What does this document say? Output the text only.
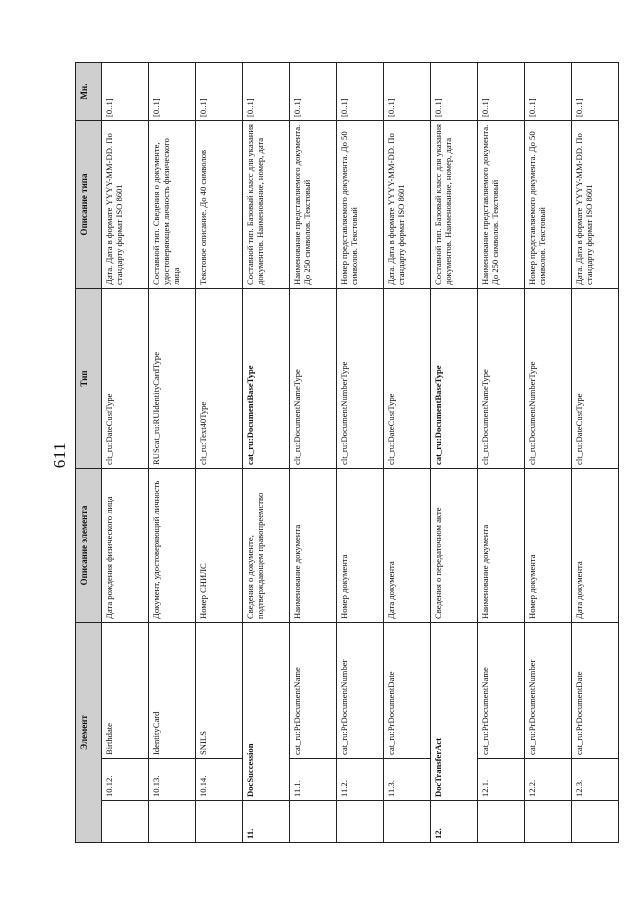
611
Элемент			Описание элемента	Тип	Описание типа	Мн.
	10.12.	Birthdate	Дата рождения физического лица	clt_ru:DateCustType	Дата. Дата в формате YYYY-MM-DD. По стандарту формат ISO 8601	[0..1]
	10.13.	IdentityCard	Документ, удостоверяющий личность	RUScat_ru:RUIdentityCardType	Составной тип. Сведения о документе, удостоверяющем личность физического лица	[0..1]
	10.14.	SNILS	Номер СНИЛС	clt_ru:Text40Type	Текстовое описание. До 40 символов	[0..1]
11.	DocSuccession		Сведения о документе, подтверждающем правопреемство	cat_ru:DocumentBaseType	Составной тип. Базовый класс для указания документов. Наименование, номер, дата	[0..1]
	11.1.	cat_ru:PrDocumentName	Наименование документа	clt_ru:DocumentNameType	Наименование представляемого документа. До 250 символов. Текстовый	[0..1]
	11.2.	cat_ru:PrDocumentNumber	Номер документа	clt_ru:DocumentNumberType	Номер представляемого документа. До 50 символов. Текстовый	[0..1]
	11.3.	cat_ru:PrDocumentDate	Дата документа	clt_ru:DateCustType	Дата. Дата в формате YYYY-MM-DD. По стандарту формат ISO 8601	[0..1]
12.	DocTransferAct		Сведения о передаточном акте	cat_ru:DocumentBaseType	Составной тип. Базовый класс для указания документов. Наименование, номер, дата	[0..1]
	12.1.	cat_ru:PrDocumentName	Наименование документа	clt_ru:DocumentNameType	Наименование представляемого документа. До 250 символов. Текстовый	[0..1]
	12.2.	cat_ru:PrDocumentNumber	Номер документа	clt_ru:DocumentNumberType	Номер представляемого документа. До 50 символов. Текстовый	[0..1]
	12.3.	cat_ru:PrDocumentDate	Дата документа	clt_ru:DateCustType	Дата. Дата в формате YYYY-MM-DD. По стандарту формат ISO 8601	[0..1]
